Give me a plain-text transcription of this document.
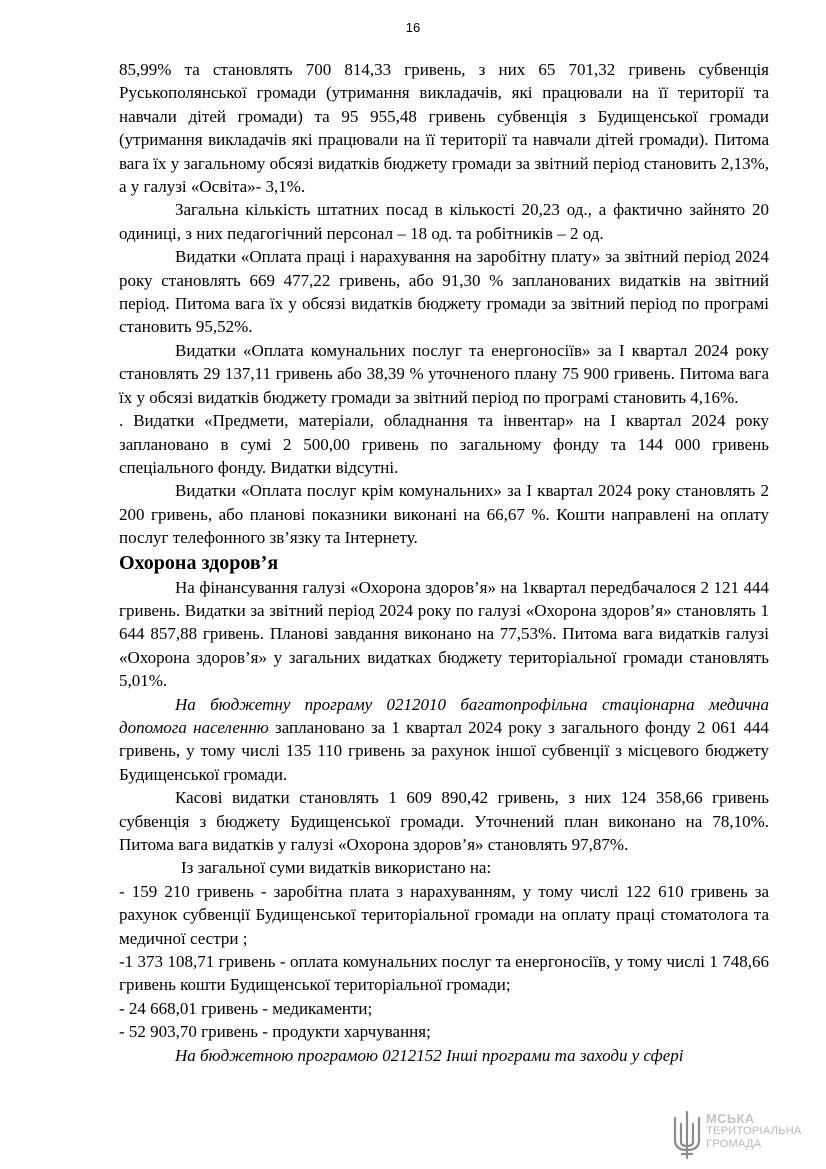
16

85,99% та становлять 700 814,33 гривень, з них 65 701,32 гривень субвенція Руськополянської громади (утримання викладачів, які працювали на її території та навчали дітей громади) та 95 955,48 гривень субвенція з Будищенської громади (утримання викладачів які працювали на її території та навчали дітей громади). Питома вага їх у загальному обсязі видатків бюджету громади за звітний період становить 2,13%, а у галузі «Освіта»- 3,1%.

Загальна кількість штатних посад в кількості 20,23 од., а фактично зайнято 20 одиниці, з них педагогічний персонал – 18 од. та робітників – 2 од.

Видатки «Оплата праці і нарахування на заробітну плату» за звітний період 2024 року становлять 669 477,22 гривень, або 91,30 % запланованих видатків на звітний період. Питома вага їх у обсязі видатків бюджету громади за звітний період по програмі становить 95,52%.

Видатки «Оплата комунальних послуг та енергоносіїв» за І квартал 2024 року становлять 29 137,11 гривень або 38,39 % уточненого плану 75 900 гривень. Питома вага їх у обсязі видатків бюджету громади за звітний період по програмі становить 4,16%.

. Видатки «Предмети, матеріали, обладнання та інвентар» на І квартал 2024 року заплановано в сумі 2 500,00 гривень по загальному фонду та 144 000 гривень спеціального фонду. Видатки відсутні.

Видатки «Оплата послуг крім комунальних» за І квартал 2024 року становлять 2 200 гривень, або планові показники виконані на 66,67 %. Кошти направлені на оплату послуг телефонного зв’язку та Інтернету.

Охорона здоров’я

На фінансування галузі «Охорона здоров’я» на 1квартал передбачалося 2 121 444 гривень. Видатки за звітний період 2024 року по галузі «Охорона здоров’я» становлять 1 644 857,88 гривень. Планові завдання виконано на 77,53%. Питома вага видатків галузі «Охорона здоров’я» у загальних видатках бюджету територіальної громади становлять 5,01%.

На бюджетну програму 0212010 багатопрофільна стаціонарна медична допомога населенню заплановано за 1 квартал 2024 року з загального фонду 2 061 444 гривень, у тому числі 135 110 гривень за рахунок іншої субвенції з місцевого бюджету Будищенської громади.

Касові видатки становлять 1 609 890,42 гривень, з них 124 358,66 гривень субвенція з бюджету Будищенської громади. Уточнений план виконано на 78,10%. Питома вага видатків у галузі «Охорона здоров’я» становлять 97,87%.

Із загальної суми видатків використано на:

- 159 210 гривень - заробітна плата з нарахуванням, у тому числі 122 610 гривень за рахунок субвенції Будищенської територіальної громади на оплату праці стоматолога та медичної сестри ;

-1 373 108,71 гривень - оплата комунальних послуг та енергоносіїв, у тому числі 1 748,66 гривень кошти Будищенської територіальної громади;

- 24 668,01 гривень - медикаменти;

- 52 903,70 гривень - продукти харчування;

На бюджетною програмою 0212152 Інші програми та заходи у сфері

МСЬКА
ТЕРИТОРІАЛЬНА
ГРОМАДА
